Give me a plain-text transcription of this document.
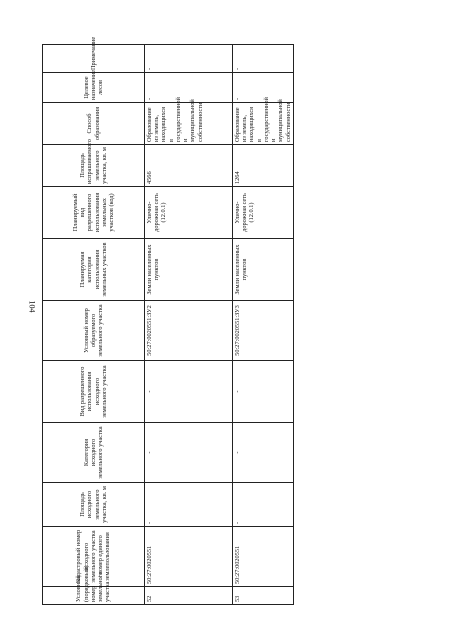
104
Условный (порядковый) номер земельного участка	Кадастровый номер исходного земельного участка / номер единого землепользования	Площадь исходного земельного участка, кв. м	Категория исходного земельного участка	Вид разрешенного использования исходного земельного участка	Условный номер образуемого земельного участка	Планируемая категория использования земельных участков	Планируемый вид разрешенного использования земельных участков (код)	Площадь испрашиваемого земельного участка, кв. м	Способ образования	Целевое назначение лесов	Примечание
52	50:27:0020551	-	-	-	50:27:0020551:ЗУ2	Земли населенных пунктов	Улично-дорожная сеть (12.0.1)	4566	Образование из земель, находящихся в государственной и муниципальной собственности	-	-
53	50:27:0020551	-	-	-	50:27:0020551:ЗУ3	Земли населенных пунктов	Улично-дорожная сеть (12.0.1)	1264	Образование из земель, находящихся в государственной и муниципальной собственности	-	-
